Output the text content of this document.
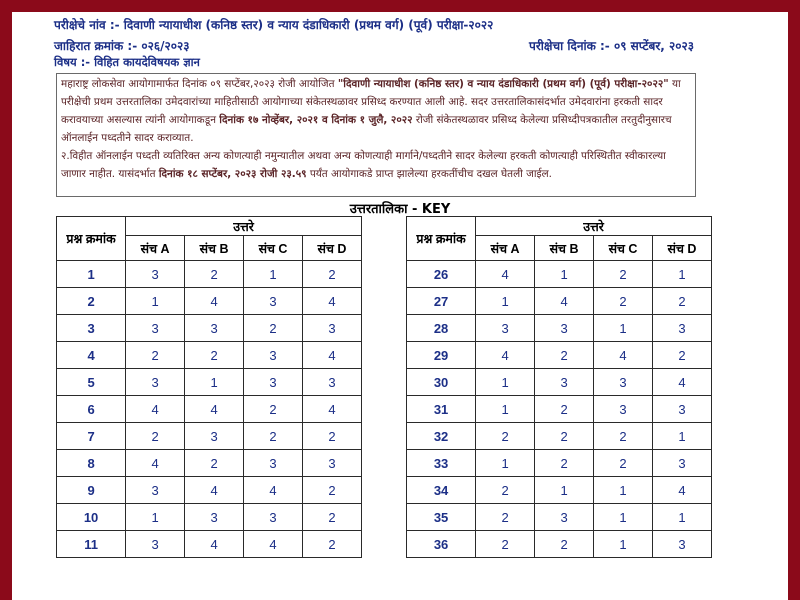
परीक्षेचे नांव :- दिवाणी न्यायाधीश (कनिष्ठ स्तर) व न्याय दंडाधिकारी (प्रथम वर्ग) (पूर्व) परीक्षा-२०२२
जाहिरात क्रमांक :- ०२६/२०२३	परीक्षेचा दिनांक :- ०९ सप्टेंबर, २०२३
विषय :- विहित कायदेविषयक ज्ञान
महाराष्ट्र लोकसेवा आयोगामार्फत दिनांक ०९ सप्टेंबर,२०२३ रोजी आयोजित "दिवाणी न्यायाधीश (कनिष्ठ स्तर) व न्याय दंडाधिकारी (प्रथम वर्ग) (पूर्व) परीक्षा-२०२२" या परीक्षेची प्रथम उत्तरतालिका उमेदवारांच्या माहितीसाठी आयोगाच्या संकेतस्थळावर प्रसिध्द करण्यात आली आहे. सदर उत्तरतालिकासंदर्भात उमेदवारांना हरकती सादर करावयाच्या असल्यास त्यांनी आयोगाकडून दिनांक १७ नोव्हेंबर, २०२१ व दिनांक १ जुलै, २०२२ रोजी संकेतस्थळावर प्रसिध्द केलेल्या प्रसिध्दीपत्रकातील तरतुदीनुसारच ऑनलाईन पध्दतीने सादर कराव्यात.
२.विहीत ऑनलाईन पध्दती व्यतिरिक्त अन्य कोणत्याही नमुन्यातील अथवा अन्य कोणत्याही मार्गाने/पध्दतीने सादर केलेल्या हरकती कोणत्याही परिस्थितीत स्वीकारल्या जाणार नाहीत. यासंदर्भात दिनांक १८ सप्टेंबर, २०२३ रोजी २३.५९ पर्यंत आयोगाकडे प्राप्त झालेल्या हरकतींचीच दखल घेतली जाईल.
उत्तरतालिका - KEY
प्रश्न क्रमांक	उत्तरे			
	संच A	संच B	संच C	संच D
1	3	2	1	2
2	1	4	3	4
3	3	3	2	3
4	2	2	3	4
5	3	1	3	3
6	4	4	2	4
7	2	3	2	2
8	4	2	3	3
9	3	4	4	2
10	1	3	3	2
11	3	4	4	2
प्रश्न क्रमांक	उत्तरे			
	संच A	संच B	संच C	संच D
26	4	1	2	1
27	1	4	2	2
28	3	3	1	3
29	4	2	4	2
30	1	3	3	4
31	1	2	3	3
32	2	2	2	1
33	1	2	2	3
34	2	1	1	4
35	2	3	1	1
36	2	2	1	3
